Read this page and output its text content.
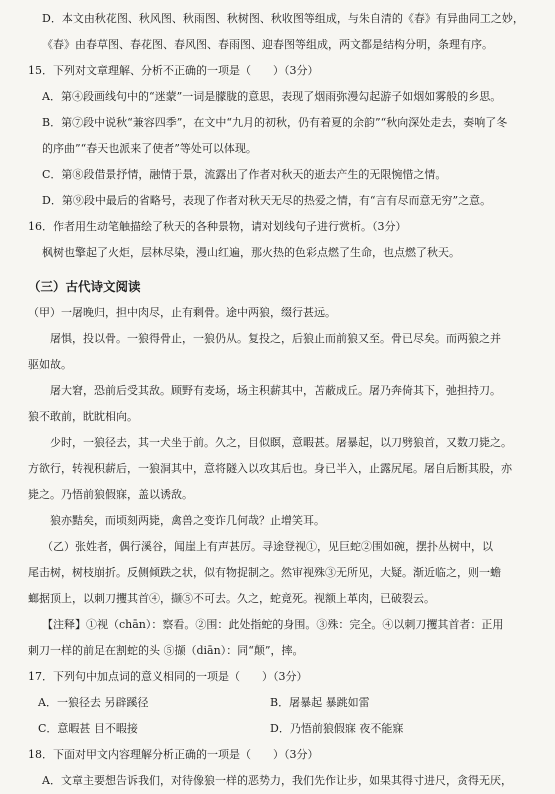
D．本文由秋花图、秋风图、秋雨图、秋树图、秋收图等组成，与朱自清的《春》有异曲同工之妙，
《春》由春草图、春花图、春风图、春雨图、迎春图等组成，两文都是结构分明，条理有序。
15．下列对文章理解、分析不正确的一项是（　　）（3分）
A．第④段画线句中的“迷蒙”一词是朦胧的意思，表现了烟雨弥漫勾起游子如烟如雾般的乡思。
B．第⑦段中说秋“兼容四季”，在文中“九月的初秋，仍有着夏的余韵”“秋向深处走去，奏响了冬
的序曲”“春天也派来了使者”等处可以体现。
C．第⑧段借景抒情，融情于景，流露出了作者对秋天的逝去产生的无限惋惜之情。
D．第⑨段中最后的省略号，表现了作者对秋天无尽的热爱之情，有“言有尽而意无穷”之意。
16．作者用生动笔触描绘了秋天的各种景物，请对划线句子进行赏析。（3分）
枫树也擎起了火炬，层林尽染，漫山红遍，那火热的色彩点燃了生命，也点燃了秋天。
（三）古代诗文阅读
（甲）一屠晚归，担中肉尽，止有剩骨。途中两狼，缀行甚远。
屠惧，投以骨。一狼得骨止，一狼仍从。复投之，后狼止而前狼又至。骨已尽矣。而两狼之并
驱如故。
屠大窘，恐前后受其敌。顾野有麦场，场主积薪其中，苫蔽成丘。屠乃奔倚其下，弛担持刀。
狼不敢前，眈眈相向。
少时，一狼径去，其一犬坐于前。久之，目似瞑，意暇甚。屠暴起，以刀劈狼首，又数刀毙之。
方欲行，转视积薪后，一狼洞其中，意将隧入以攻其后也。身已半入，止露尻尾。屠自后断其股，亦
毙之。乃悟前狼假寐，盖以诱敌。
狼亦黠矣，而顷刻两毙，禽兽之变诈几何哉？止增笑耳。
（乙）张姓者，偶行溪谷，闻崖上有声甚厉。寻途登视①，见巨蛇②围如碗，摆扑丛树中，以
尾击树，树枝崩折。反侧倾跌之状，似有物捉制之。然审视殊③无所见，大疑。渐近临之，则一蟾
螂据顶上，以刺刀攫其首④，撷⑤不可去。久之，蛇竟死。视额上革肉，已破裂云。
【注释】①视（chān）：察看。②围：此处指蛇的身围。③殊：完全。④以刺刀攫其首者：正用
刺刀一样的前足在割蛇的头 ⑤撷（diān）：同“颠”，摔。
17．下列句中加点词的意义相同的一项是（　　）（3分）
A．一狼径去 另辟蹊径	B．屠暴起 暴跳如雷
C．意暇甚 目不暇接	D．乃悟前狼假寐 夜不能寐
18．下面对甲文内容理解分析正确的一项是（　　）（3分）
A．文章主要想告诉我们，对待像狼一样的恶势力，我们先作让步，如果其得寸进尺，贪得无厌，
